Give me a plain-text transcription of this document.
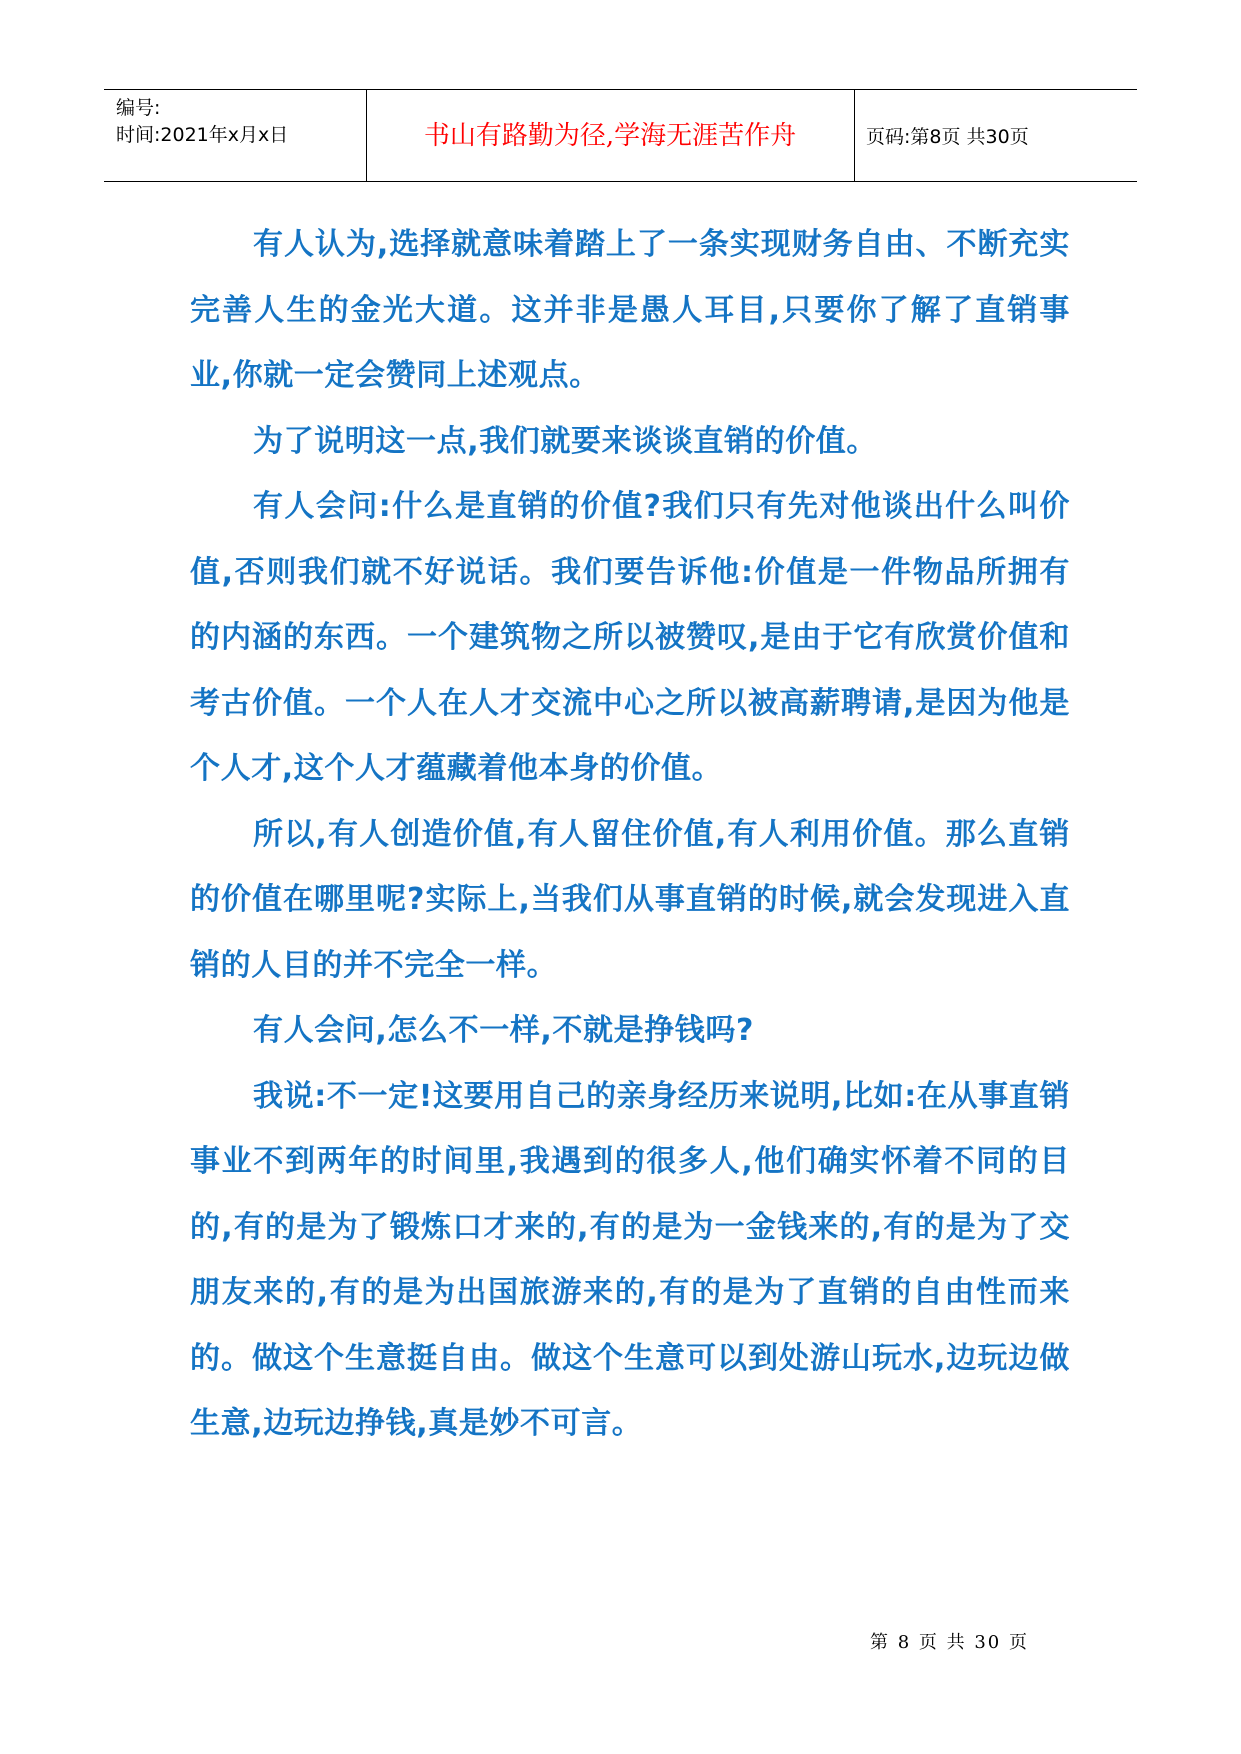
编号:
时间:2021年x月x日	书山有路勤为径,学海无涯苦作舟	页码:第8页 共30页

有人认为,选择就意味着踏上了一条实现财务自由、不断充实完善人生的金光大道。这并非是愚人耳目,只要你了解了直销事业,你就一定会赞同上述观点。

为了说明这一点,我们就要来谈谈直销的价值。

有人会问:什么是直销的价值?我们只有先对他谈出什么叫价值,否则我们就不好说话。我们要告诉他:价值是一件物品所拥有的内涵的东西。一个建筑物之所以被赞叹,是由于它有欣赏价值和考古价值。一个人在人才交流中心之所以被高薪聘请,是因为他是个人才,这个人才蕴藏着他本身的价值。

所以,有人创造价值,有人留住价值,有人利用价值。那么直销的价值在哪里呢?实际上,当我们从事直销的时候,就会发现进入直销的人目的并不完全一样。

有人会问,怎么不一样,不就是挣钱吗?

我说:不一定!这要用自己的亲身经历来说明,比如:在从事直销事业不到两年的时间里,我遇到的很多人,他们确实怀着不同的目的,有的是为了锻炼口才来的,有的是为一金钱来的,有的是为了交朋友来的,有的是为出国旅游来的,有的是为了直销的自由性而来的。做这个生意挺自由。做这个生意可以到处游山玩水,边玩边做生意,边玩边挣钱,真是妙不可言。

第 8 页 共 30 页
